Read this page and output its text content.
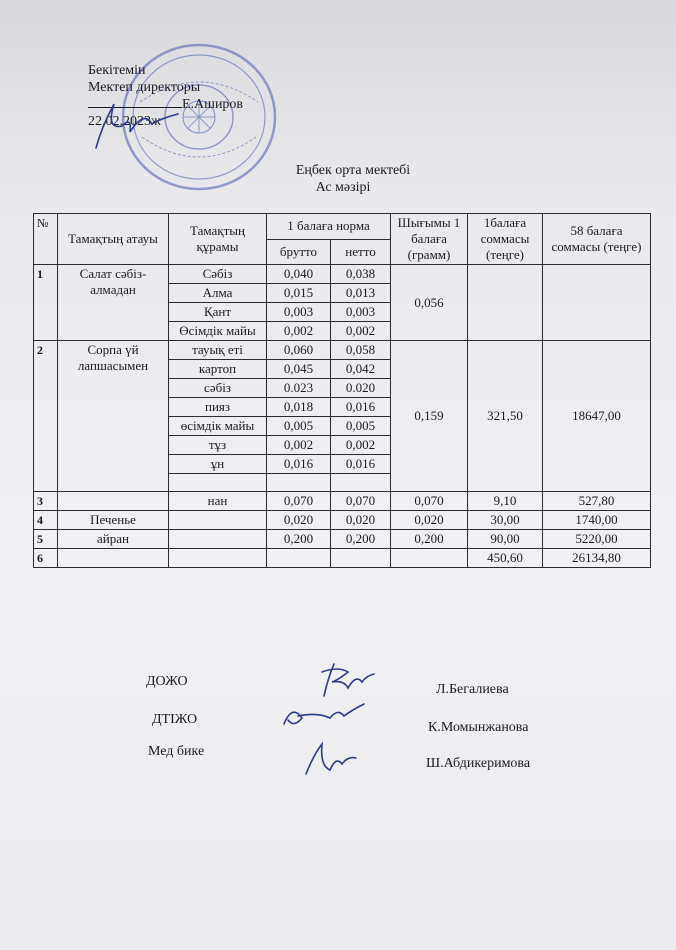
Бекітемін
Мектеп директоры
Е.Аширов
22.02.2023ж
Еңбек орта мектебі
Ас мәзірі
№	Тамақтың атауы	Тамақтың құрамы	1 балаға норма		Шығымы 1 балаға (грамм)	1балаға соммасы (теңге)	58 балаға соммасы (теңге)
			брутто	нетто			
1	Салат сәбіз-алмадан	Сәбіз	0,040	0,038	0,056		
		Алма	0,015	0,013			
		Қант	0,003	0,003			
		Өсімдік майы	0,002	0,002			
2	Сорпа үй лапшасымен	тауық еті	0,060	0,058	0,159	321,50	18647,00
		картоп	0,045	0,042			
		сәбіз	0.023	0.020			
		пияз	0,018	0,016			
		өсімдік майы	0,005	0,005			
		тұз	0,002	0,002			
		ұн	0,016	0,016			

3		нан	0,070	0,070	0,070	9,10	527,80
4	Печенье		0,020	0,020	0,020	30,00	1740,00
5	айран		0,200	0,200	0,200	90,00	5220,00
6						450,60	26134,80
ДОЖО
Л.Бегалиева
ДТІЖО
К.Момынжанова
Мед бике
Ш.Абдикеримова
